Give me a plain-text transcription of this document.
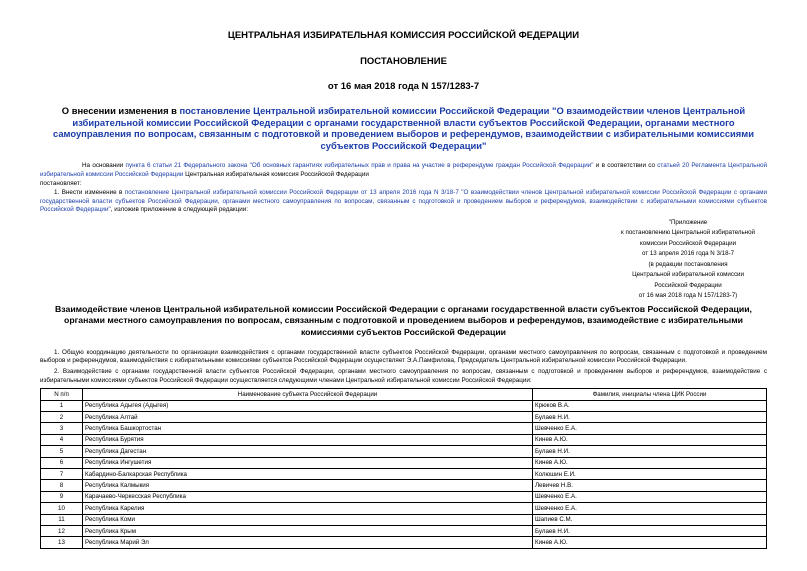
ЦЕНТРАЛЬНАЯ ИЗБИРАТЕЛЬНАЯ КОМИССИЯ РОССИЙСКОЙ ФЕДЕРАЦИИ
ПОСТАНОВЛЕНИЕ
от 16 мая 2018 года N 157/1283-7
О внесении изменения в постановление Центральной избирательной комиссии Российской Федерации "О взаимодействии членов Центральной избирательной комиссии Российской Федерации с органами государственной власти субъектов Российской Федерации, органами местного самоуправления по вопросам, связанным с подготовкой и проведением выборов и референдумов, взаимодействии с избирательными комиссиями субъектов Российской Федерации"
На основании пункта 6 статьи 21 Федерального закона "Об основных гарантиях избирательных прав и права на участие в референдуме граждан Российской Федерации" и в соответствии со статьей 20 Регламента Центральной избирательной комиссии Российской Федерации Центральная избирательная комиссия Российской Федерации
постановляет:
1. Внести изменение в постановление Центральной избирательной комиссии Российской Федерации от 13 апреля 2016 года N 3/18-7 "О взаимодействии членов Центральной избирательной комиссии Российской Федерации с органами государственной власти субъектов Российской Федерации, органами местного самоуправления по вопросам, связанным с подготовкой и проведением выборов и референдумов, взаимодействии с избирательными комиссиями субъектов Российской Федерации", изложив приложение в следующей редакции:
"Приложение
к постановлению Центральной избирательной
комиссии Российской Федерации
от 13 апреля 2016 года N 3/18-7
(в редакции постановления
Центральной избирательной комиссии
Российской Федерации
от 16 мая 2018 года N 157/1283-7)
Взаимодействие членов Центральной избирательной комиссии Российской Федерации с органами государственной власти субъектов Российской Федерации, органами местного самоуправления по вопросам, связанным с подготовкой и проведением выборов и референдумов, взаимодействие с избирательными комиссиями субъектов Российской Федерации
1. Общую координацию деятельности по организации взаимодействия с органами государственной власти субъектов Российской Федерации, органами местного самоуправления по вопросам, связанным с подготовкой и проведением выборов и референдумов, взаимодействия с избирательными комиссиями субъектов Российской Федерации осуществляет Э.А.Памфилова, Председатель Центральной избирательной комиссии Российской Федерации.
2. Взаимодействие с органами государственной власти субъектов Российской Федерации, органами местного самоуправления по вопросам, связанным с подготовкой и проведением выборов и референдумов, взаимодействие с избирательными комиссиями субъектов Российской Федерации осуществляется следующими членами Центральной избирательной комиссии Российской Федерации:
N п/п	Наименование субъекта Российской Федерации	Фамилия, инициалы члена ЦИК России
1	Республика Адыгея (Адыгея)	Крюков В.А.
2	Республика Алтай	Булаев Н.И.
3	Республика Башкортостан	Шевченко Е.А.
4	Республика Бурятия	Кинев А.Ю.
5	Республика Дагестан	Булаев Н.И.
6	Республика Ингушетия	Кинев А.Ю.
7	Кабардино-Балкарская Республика	Колюшин Е.И.
8	Республика Калмыкия	Левичев Н.В.
9	Карачаево-Черкесская Республика	Шевченко Е.А.
10	Республика Карелия	Шевченко Е.А.
11	Республика Коми	Шапиев С.М.
12	Республика Крым	Булаев Н.И.
13	Республика Марий Эл	Кинев А.Ю.
